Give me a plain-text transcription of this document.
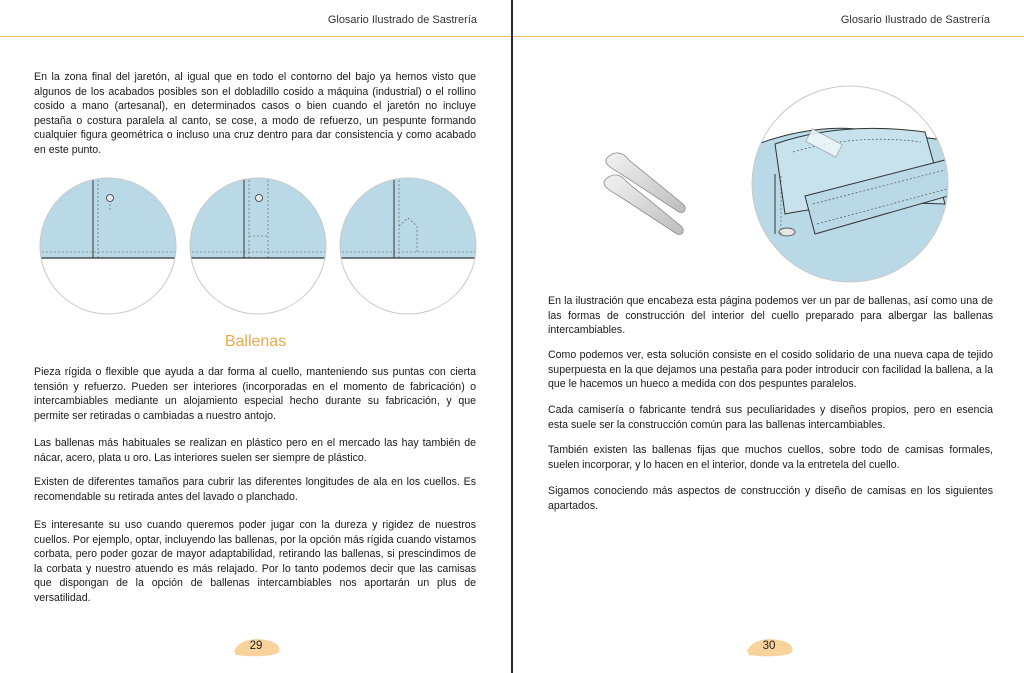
Glosario Ilustrado de Sastrería

En la zona final del jaretón, al igual que en todo el contorno del bajo ya hemos visto que algunos de los acabados posibles son el dobladillo cosido a máquina (industrial) o el rollino cosido a mano (artesanal), en determinados casos o bien cuando el jaretón no incluye pestaña o costura paralela al canto, se cose, a modo de refuerzo, un pespunte formando cualquier figura geométrica o incluso una cruz dentro para dar consistencia y como acabado en este punto.

Ballenas

Pieza rígida o flexible que ayuda a dar forma al cuello, manteniendo sus puntas con cierta tensión y refuerzo. Pueden ser interiores (incorporadas en el momento de fabricación) o intercambiables mediante un alojamiento especial hecho durante su fabricación, y que permite ser retiradas o cambiadas a nuestro antojo.

Las ballenas más habituales se realizan en plástico pero en el mercado las hay también de nácar, acero, plata u oro. Las interiores suelen ser siempre de plástico.

Existen de diferentes tamaños para cubrir las diferentes longitudes de ala en los cuellos. Es recomendable su retirada antes del lavado o planchado.

Es interesante su uso cuando queremos poder jugar con la dureza y rigidez de nuestros cuellos. Por ejemplo, optar, incluyendo las ballenas, por la opción más rígida cuando vistamos corbata, pero poder gozar de mayor adaptabilidad, retirando las ballenas, si prescindimos de la corbata y nuestro atuendo es más relajado. Por lo tanto podemos decir que las camisas que dispongan de la opción de ballenas intercambiables nos aportarán un plus de versatilidad.

29
Glosario Ilustrado de Sastrería

En la ilustración que encabeza esta página podemos ver un par de ballenas, así como una de las formas de construcción del interior del cuello preparado para albergar las ballenas intercambiables.

Como podemos ver, esta solución consiste en el cosido solidario de una nueva capa de tejido superpuesta en la que dejamos una pestaña para poder introducir con facilidad la ballena, a la que le hacemos un hueco a medida con dos pespuntes paralelos.

Cada camisería o fabricante tendrá sus peculiaridades y diseños propios, pero en esencia esta suele ser la construcción común para las ballenas intercambiables.

También existen las ballenas fijas que muchos cuellos, sobre todo de camisas formales, suelen incorporar, y lo hacen en el interior, donde va la entretela del cuello.

Sigamos conociendo más aspectos de construcción y diseño de camisas en los siguientes apartados.

30
